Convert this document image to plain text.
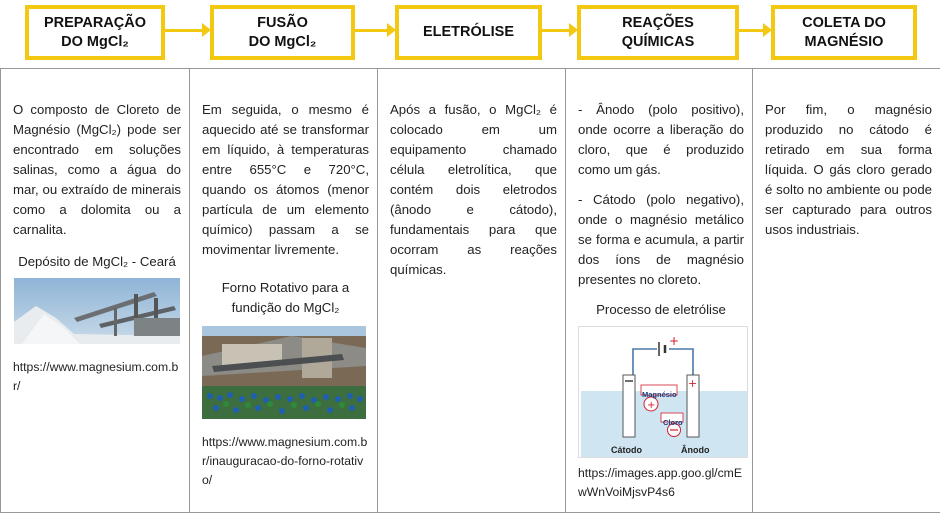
PREPARAÇÃO
DO MgCl₂
FUSÃO
DO MgCl₂
ELETRÓLISE
REAÇÕES
QUÍMICAS
COLETA DO
MAGNÉSIO

O composto de Cloreto de Magnésio (MgCl₂) pode ser encontrado em soluções salinas, como a água do mar, ou extraído de minerais como a dolomita ou a carnalita.

Depósito de MgCl₂ - Ceará
https://www.magnesium.com.br/

Em seguida, o mesmo é aquecido até se transformar em líquido, à temperaturas entre 655°C e 720°C, quando os átomos (menor partícula de um elemento químico) passam a se movimentar livremente.

Forno Rotativo para a fundição do MgCl₂
https://www.magnesium.com.br/inauguracao-do-forno-rotativo/

Após a fusão, o MgCl₂ é colocado em um equipamento chamado célula eletrolítica, que contém dois eletrodos (ânodo e cátodo), fundamentais para que ocorram as reações químicas.

- Ânodo (polo positivo), onde ocorre a liberação do cloro, que é produzido como um gás.

- Cátodo (polo negativo), onde o magnésio metálico se forma e acumula, a partir dos íons de magnésio presentes no cloreto.

Processo de eletrólise
+
+
+
Magnésio
Cloro
Cátodo	Ânodo
https://images.app.goo.gl/cmEwWnVoiMjsvP4s6

Por fim, o magnésio produzido no cátodo é retirado em sua forma líquida. O gás cloro gerado é solto no ambiente ou pode ser capturado para outros usos industriais.
